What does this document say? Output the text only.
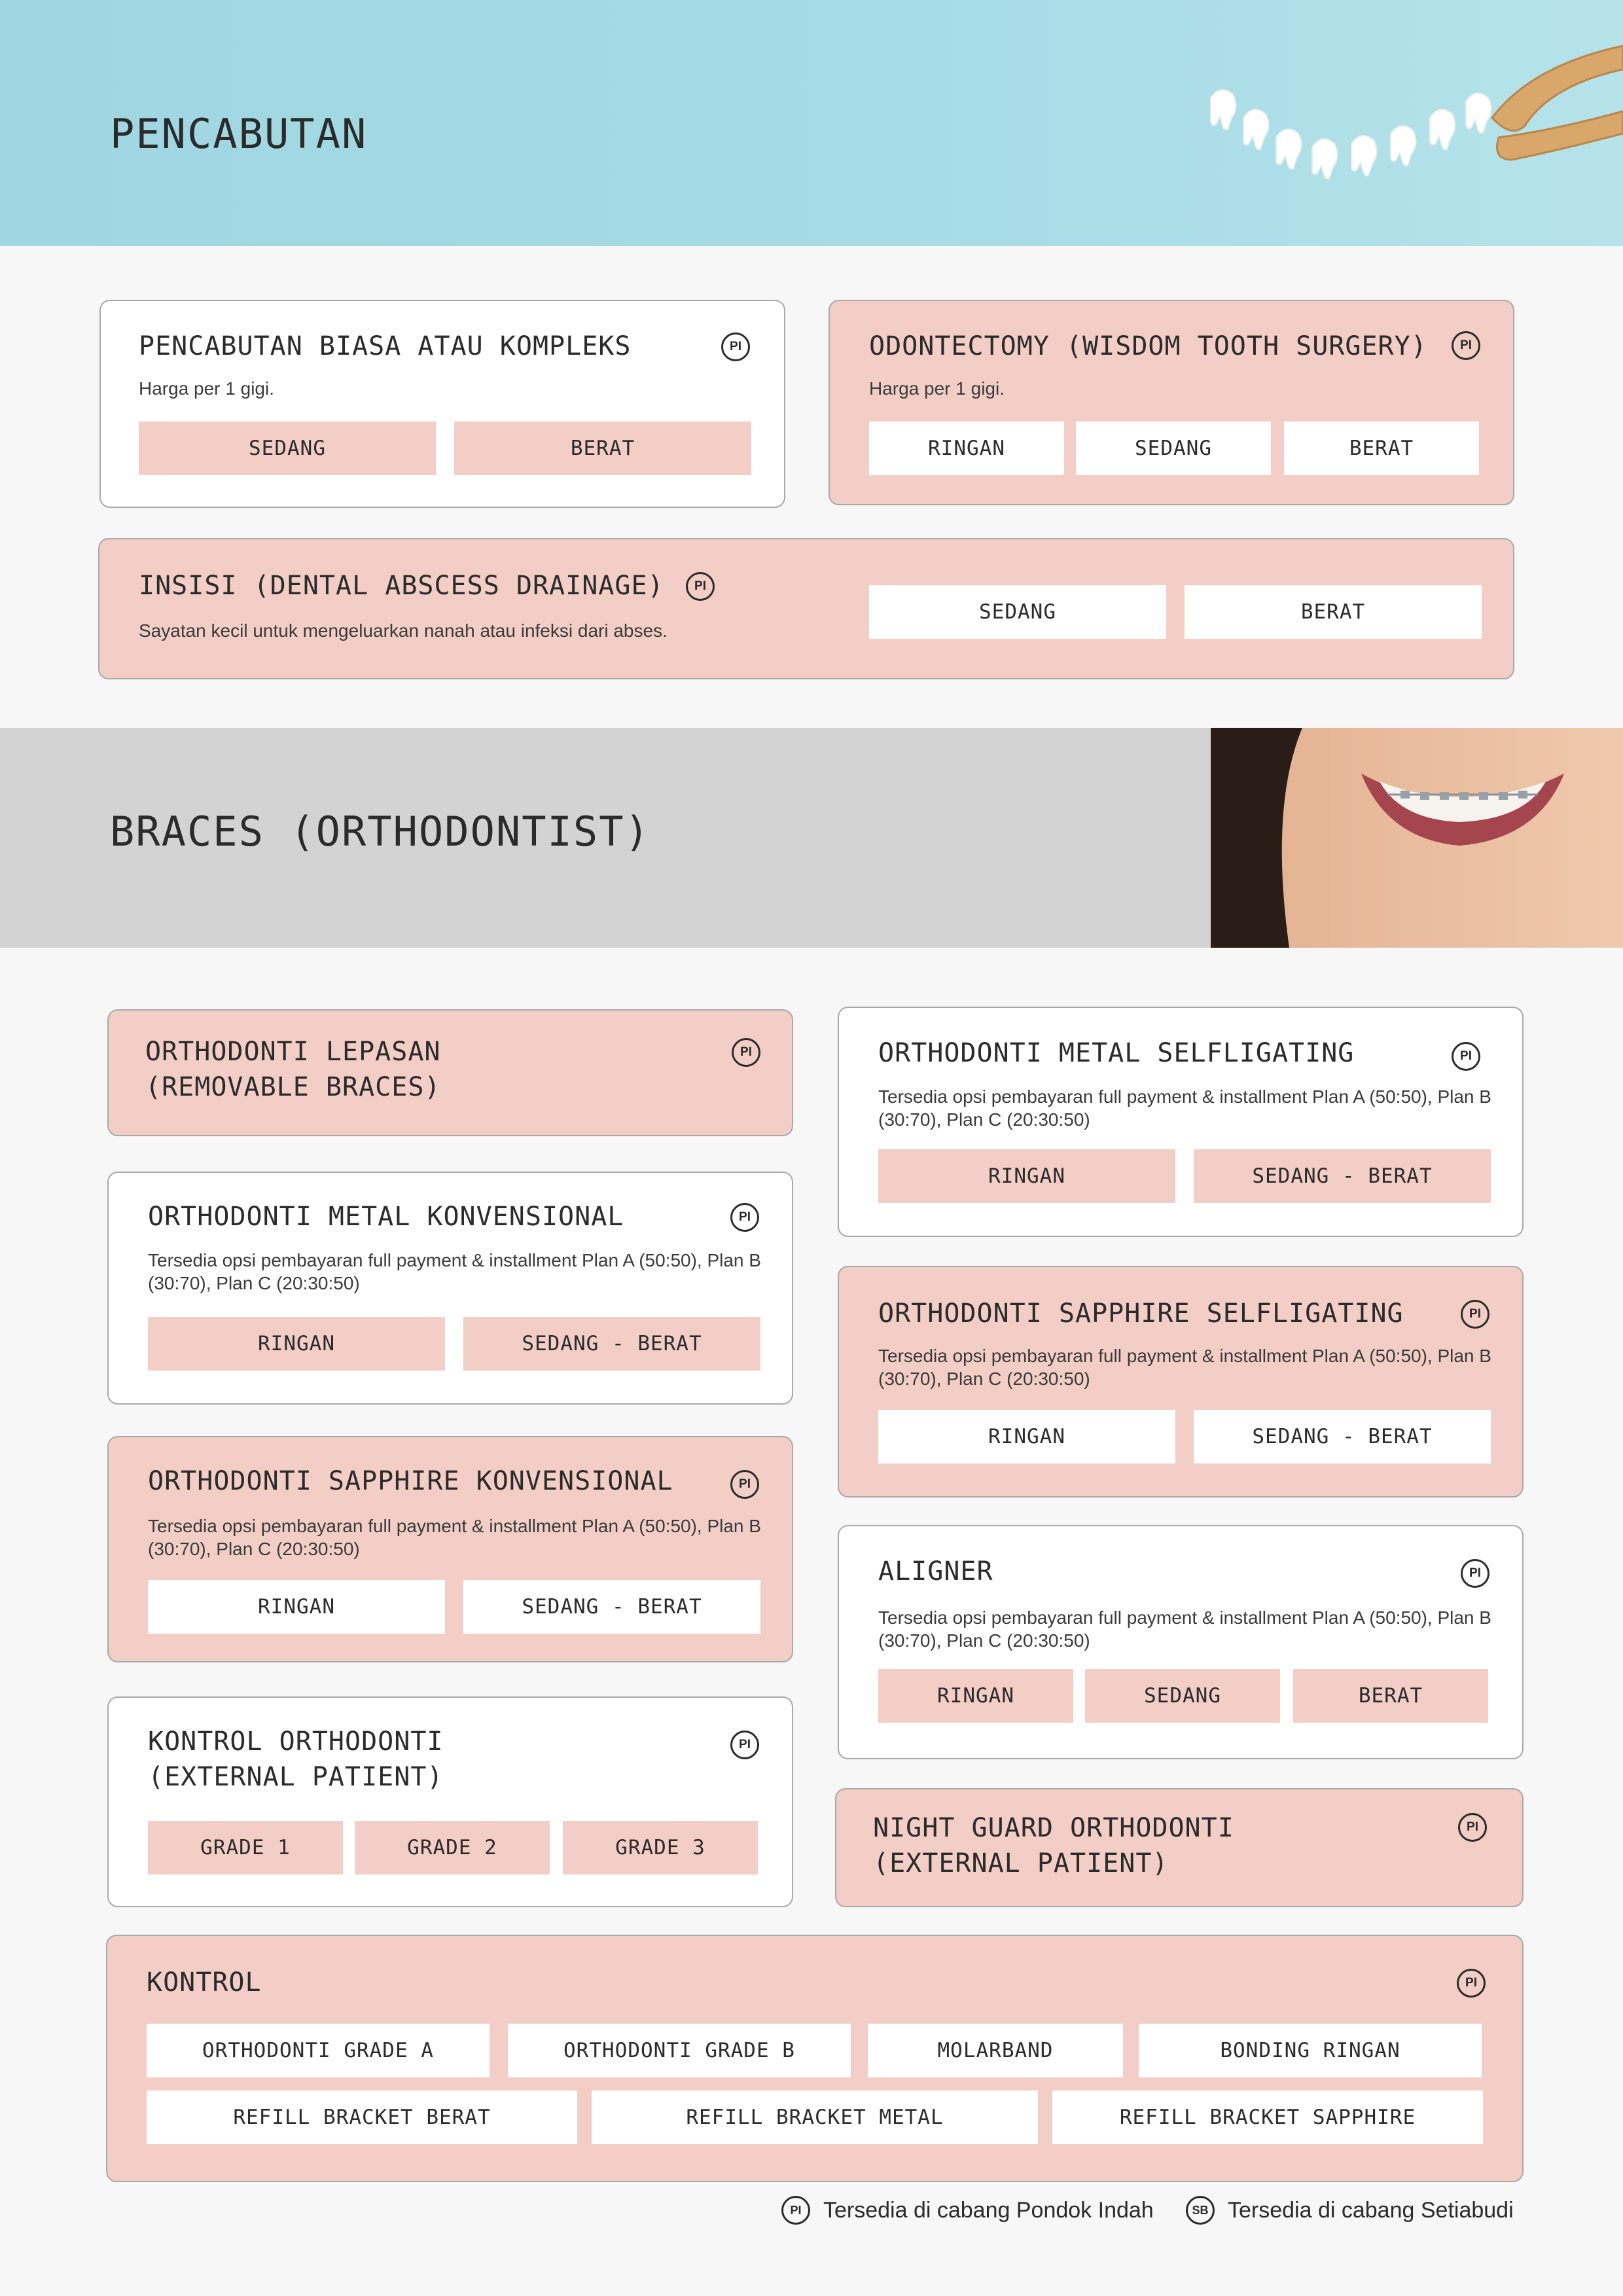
PENCABUTAN
PENCABUTAN BIASA ATAU KOMPLEKS	PI
Harga per 1 gigi.
SEDANG	BERAT
ODONTECTOMY (WISDOM TOOTH SURGERY)	PI
Harga per 1 gigi.
RINGAN	SEDANG	BERAT
INSISI (DENTAL ABSCESS DRAINAGE)	PI
Sayatan kecil untuk mengeluarkan nanah atau infeksi dari abses.
SEDANG	BERAT
BRACES (ORTHODONTIST)
ORTHODONTI LEPASAN
(REMOVABLE BRACES)
PI
ORTHODONTI METAL KONVENSIONAL	PI
Tersedia opsi pembayaran full payment & installment Plan A (50:50), Plan B (30:70), Plan C (20:30:50)
RINGAN	SEDANG - BERAT
ORTHODONTI SAPPHIRE KONVENSIONAL	PI
Tersedia opsi pembayaran full payment & installment Plan A (50:50), Plan B (30:70), Plan C (20:30:50)
RINGAN	SEDANG - BERAT
KONTROL ORTHODONTI
(EXTERNAL PATIENT)
PI
GRADE 1	GRADE 2	GRADE 3
ORTHODONTI METAL SELFLIGATING	PI
Tersedia opsi pembayaran full payment & installment Plan A (50:50), Plan B (30:70), Plan C (20:30:50)
RINGAN	SEDANG - BERAT
ORTHODONTI SAPPHIRE SELFLIGATING	PI
Tersedia opsi pembayaran full payment & installment Plan A (50:50), Plan B (30:70), Plan C (20:30:50)
RINGAN	SEDANG - BERAT
ALIGNER	PI
Tersedia opsi pembayaran full payment & installment Plan A (50:50), Plan B (30:70), Plan C (20:30:50)
RINGAN	SEDANG	BERAT
NIGHT GUARD ORTHODONTI
(EXTERNAL PATIENT)
PI
KONTROL	PI
ORTHODONTI GRADE A	ORTHODONTI GRADE B	MOLARBAND	BONDING RINGAN
REFILL BRACKET BERAT	REFILL BRACKET METAL	REFILL BRACKET SAPPHIRE
PI Tersedia di cabang Pondok Indah	SB Tersedia di cabang Setiabudi
